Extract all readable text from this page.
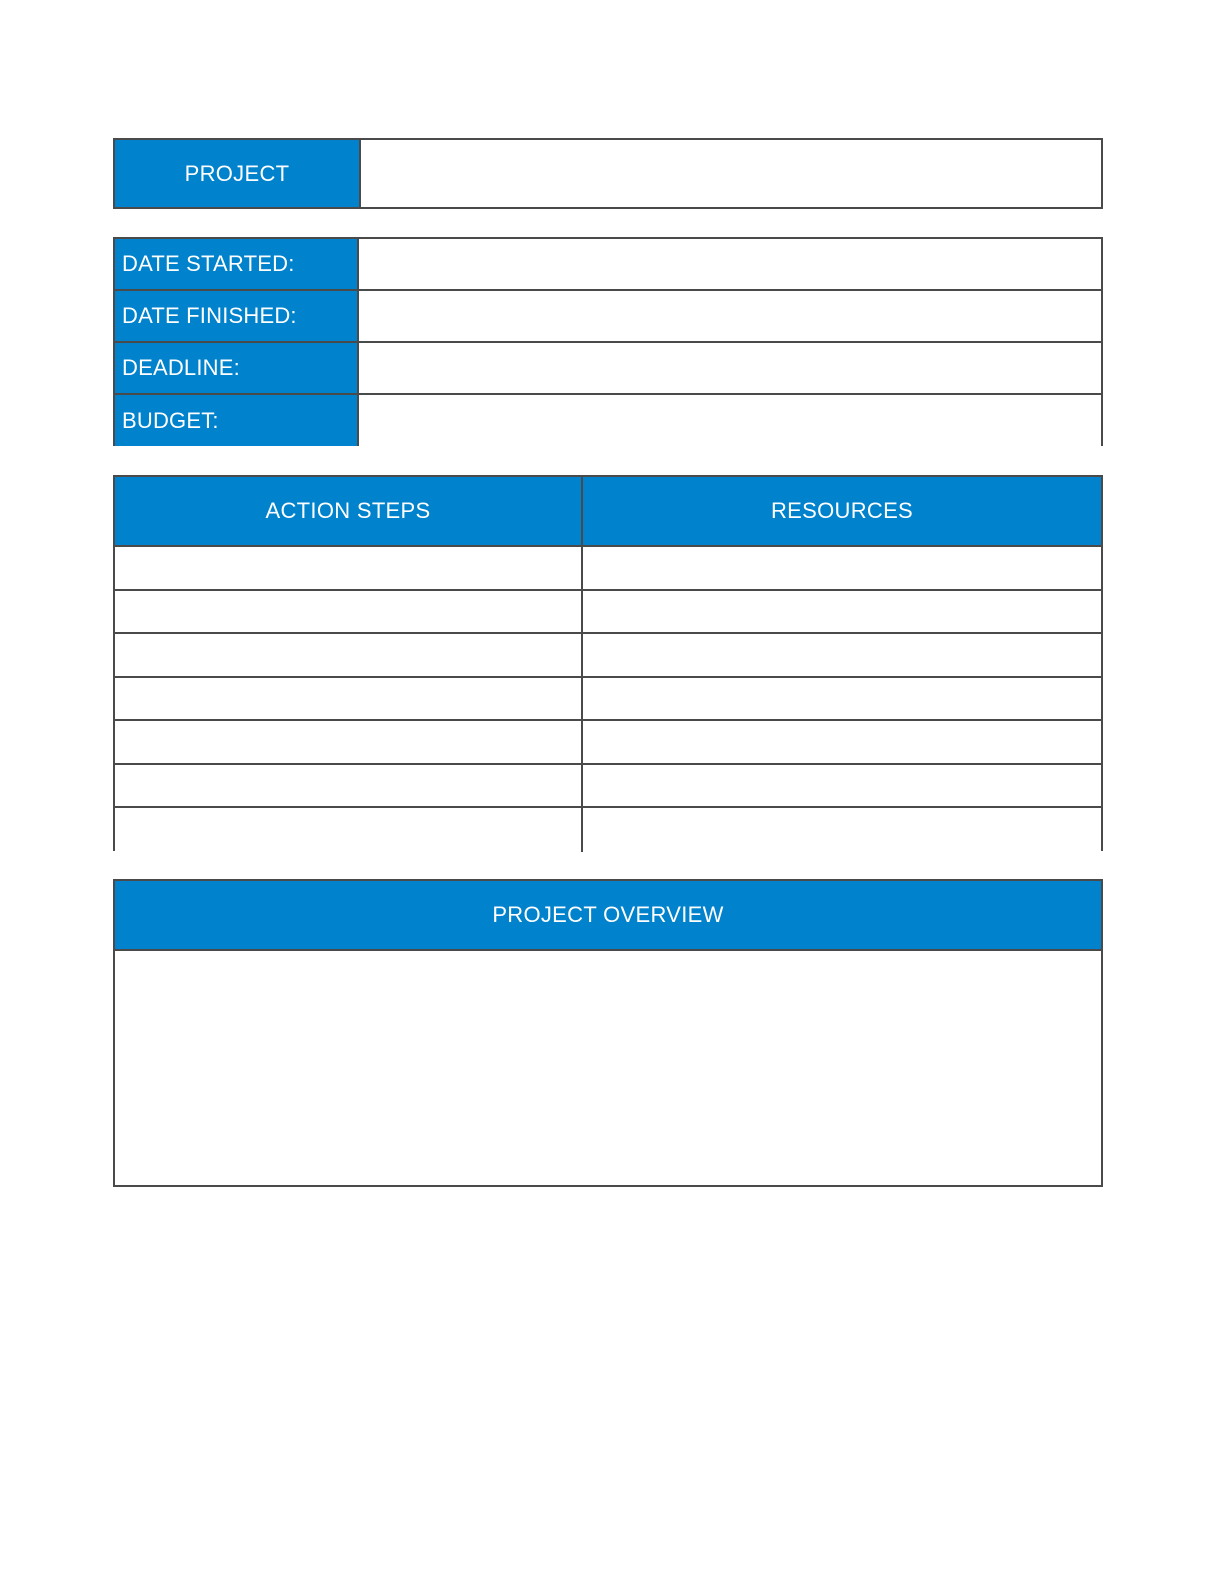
PROJECT
DATE STARTED:
DATE FINISHED:
DEADLINE:
BUDGET:
ACTION STEPS	RESOURCES
PROJECT OVERVIEW
